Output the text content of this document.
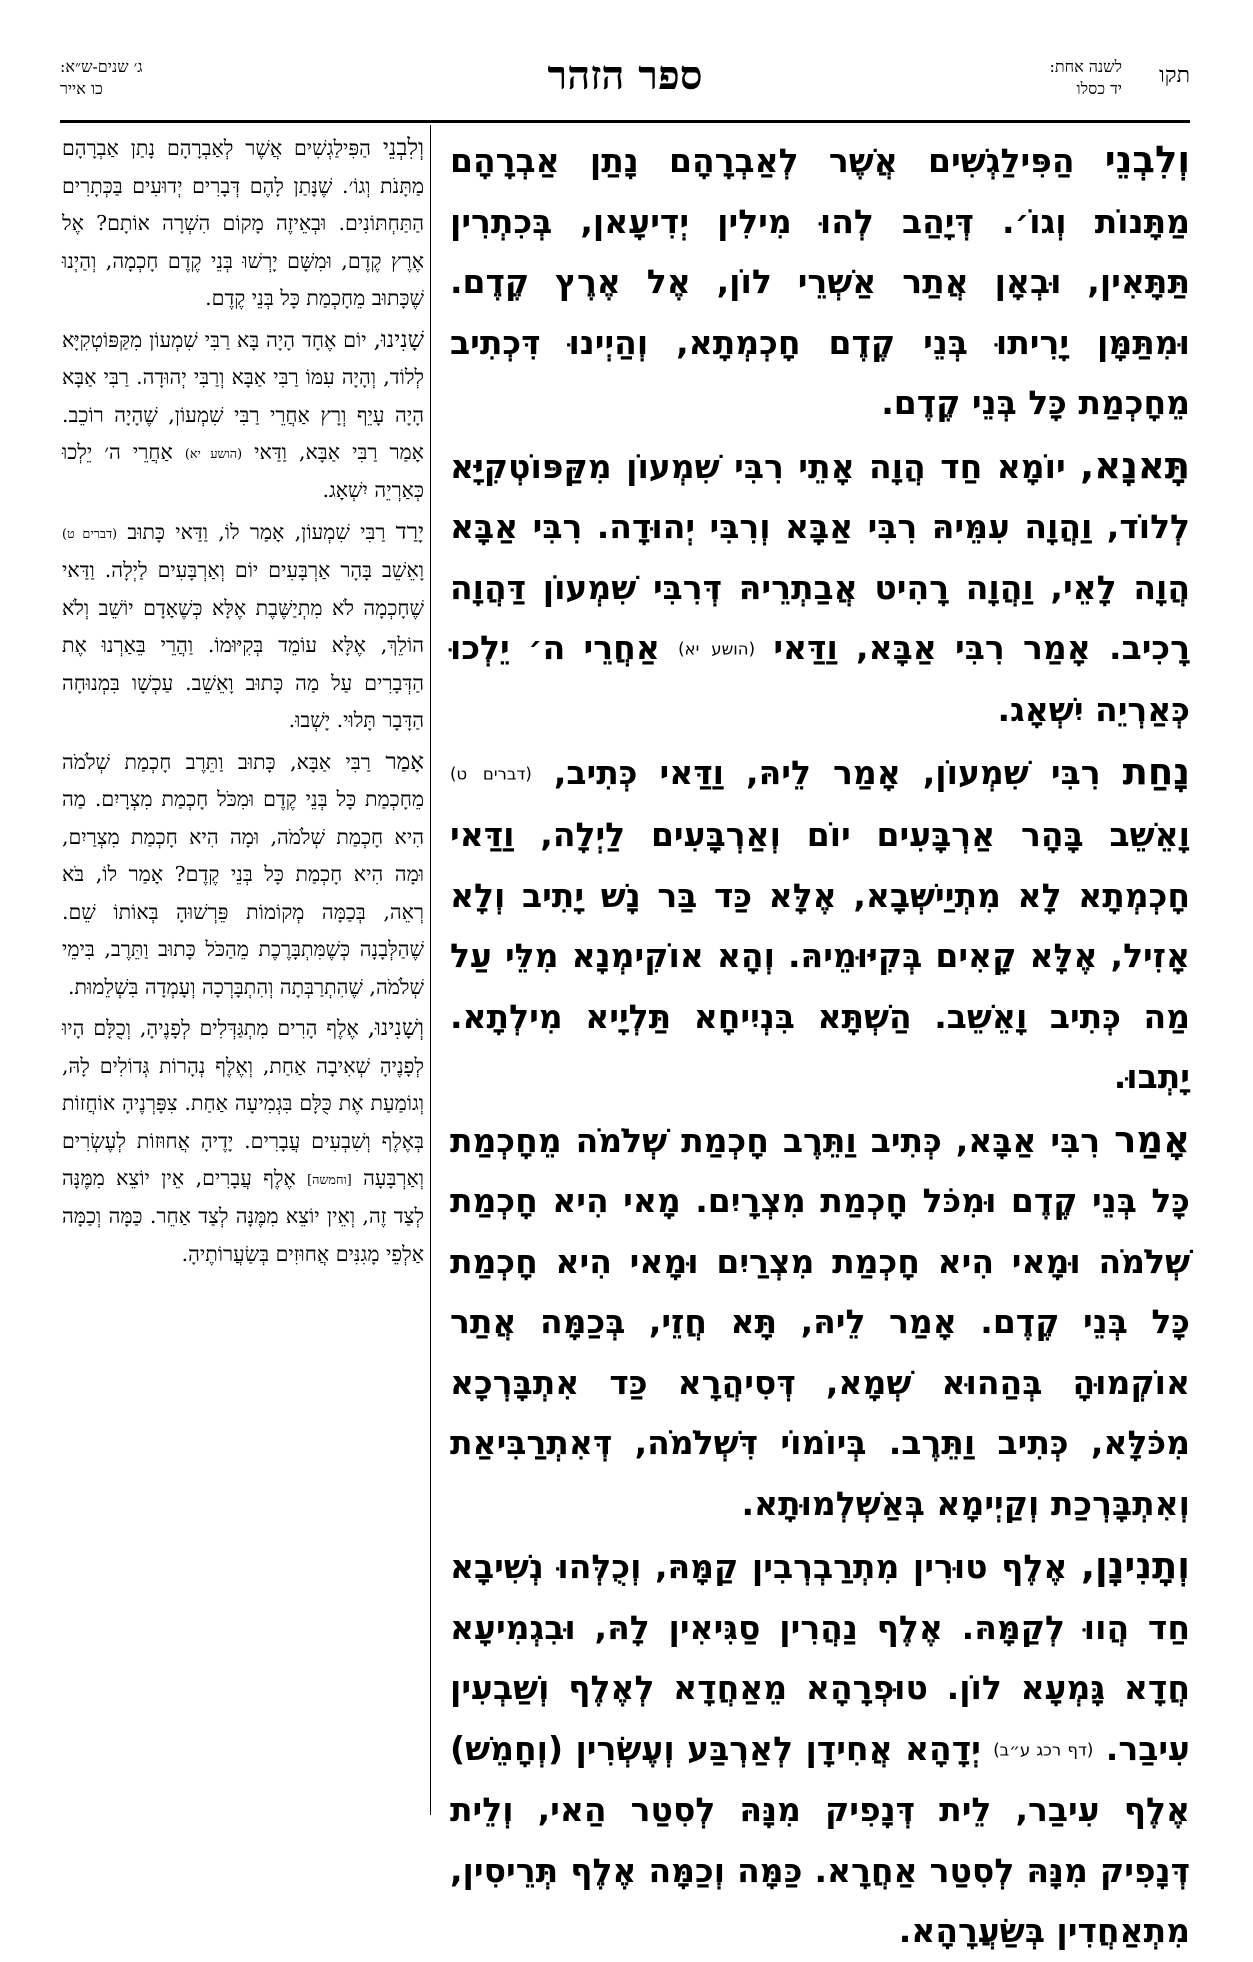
תקו
לשנה אחת:
יד כסלו
ספר הזהר
ג׳ שנים-ש״א:
כו אייר

וְלִבְנֵי הַפִּילַגְשִׁים אֲשֶׁר לְאַבְרָהָם נָתַן אַבְרָהָם מַתָּנוֹת וְגוֹ׳. דְּיָהַב לְהוּ מִילִין יְדִיעָאן, בְּכִתְרִין תַּתָּאִין, וּבְאָן אֲתַר אַשְׁרֵי לוֹן, אֶל אֶרֶץ קֶדֶם. וּמִתַּמָּן יָרִיתוּ בְּנֵי קֶדֶם חָכְמְתָא, וְהַיְינוּ דִּכְתִיב מֵחָכְמַת כָּל בְּנֵי קֶדֶם.

תָּאנָא, יוֹמָא חַד הֲוָה אָתֵי רִבִּי שִׁמְעוֹן מִקַּפּוֹטְקִיָּא לְלוֹד, וַהֲוָה עִמֵּיהּ רִבִּי אַבָּא וְרִבִּי יְהוּדָה. רִבִּי אַבָּא הֲוָה לָאֵי, וַהֲוָה רָהִיט אֲבַתְרֵיהּ דְּרִבִּי שִׁמְעוֹן דַּהֲוָה רָכִיב. אָמַר רִבִּי אַבָּא, וַדַּאי (הושע יא) אַחֲרֵי ה׳ יֵלְכוּ כְּאַרְיֵה יִשְׁאָג.

נָחַת רִבִּי שִׁמְעוֹן, אָמַר לֵיהּ, וַדַּאי כְּתִיב, (דברים ט) וָאֵשֵׁב בָּהָר אַרְבָּעִים יוֹם וְאַרְבָּעִים לַיְלָה, וַדַּאי חָכְמְתָא לָא מִתְיַישְּׁבָא, אֶלָּא כַּד בַּר נָשׁ יָתִיב וְלָא אָזִיל, אֶלָּא קָאִים בְּקִיּוּמֵיהּ. וְהָא אוֹקִימְנָא מִלֵּי עַל מַה כְּתִיב וָאֵשֵׁב. הַשְׁתָּא בִּנְיִיחָא תַּלְיָיא מִילְתָא. יָתְבוּ.

אָמַר רִבִּי אַבָּא, כְּתִיב וַתֵּרֶב חָכְמַת שְׁלֹמֹה מֵחָכְמַת כָּל בְּנֵי קֶדֶם וּמִכֹּל חָכְמַת מִצְרָיִם. מָאי הִיא חָכְמַת שְׁלֹמֹה וּמָאי הִיא חָכְמַת מִצְרַיִם וּמָאי הִיא חָכְמַת כָּל בְּנֵי קֶדֶם. אָמַר לֵיהּ, תָּא חֲזֵי, בְּכַמָּה אֲתַר אוֹקְמוּהָ בְּהַהוּא שְׁמָא, דְּסִיהֲרָא כַּד אִתְבָּרְכָא מִכֹּלָּא, כְּתִיב וַתֵּרֶב. בְּיוֹמוֹי דִּשְׁלֹמֹה, דְּאִתְרַבִּיאַת וְאִתְבָּרְכַת וְקַיְימָא בְּאַשְׁלְמוּתָא.

וְתָנִינָן, אֶלֶף טוּרִין מִתְרַבְרְבִין קַמָּהּ, וְכֻלְּהוּ נְשִׁיבָא חַד הֲווּ לְקַמָּהּ. אֶלֶף נַהֲרִין סַגִּיאִין לָהּ, וּבִגְמִיעָא חֲדָא גָּמְעָא לוֹן. טוּפְרָהָא מֵאַחֲדָא לְאֶלֶף וְשַׁבְעִין עִיבַר. (דף רכג ע״ב) יְדָהָא אֲחִידָן לְאַרְבַּע וְעֶשְׂרִין (וְחָמֵשׁ) אֶלֶף עִיבַר, לֵית דְּנָפִיק מִנָּהּ לְסִטַר הַאי, וְלֵית דְּנָפִיק מִנָּהּ לְסִטַר אַחֲרָא. כַּמָּה וְכַמָּה אֶלֶף תְּרֵיסִין, מִתְאַחֲדִין בְּשַׂעֲרָהָא.

וְלִבְנֵי הַפִּילַגְשִׁים אֲשֶׁר לְאַבְרָהָם נָתַן אַבְרָהָם מַתָּנֹת וְגוֹ׳. שֶׁנָּתַן לָהֶם דְּבָרִים יְדוּעִים בַּכְּתָרִים הַתַּחְתּוֹנִים. וּבְאֵיזֶה מָקוֹם הִשְׁרָה אוֹתָם? אֶל אֶרֶץ קֶדֶם, וּמִשָּׁם יָרְשׁוּ בְּנֵי קֶדֶם חָכְמָה, וְהַיְנוּ שֶׁכָּתוּב מֵחָכְמַת כָּל בְּנֵי קֶדֶם.

שָׁנִינוּ, יוֹם אֶחָד הָיָה בָּא רַבִּי שִׁמְעוֹן מִקַּפּוֹטְקִיָּא לְלוֹד, וְהָיָה עִמּוֹ רַבִּי אַבָּא וְרַבִּי יְהוּדָה. רַבִּי אַבָּא הָיָה עָיֵף וְרָץ אַחֲרֵי רַבִּי שִׁמְעוֹן, שֶׁהָיָה רוֹכֵב. אָמַר רַבִּי אַבָּא, וַדַּאי (הושע יא) אַחֲרֵי ה׳ יֵלְכוּ כְּאַרְיֵה יִשְׁאָג.

יָרַד רַבִּי שִׁמְעוֹן, אָמַר לוֹ, וַדַּאי כָּתוּב (דברים ט) וָאֵשֵׁב בָּהָר אַרְבָּעִים יוֹם וְאַרְבָּעִים לַיְלָה. וַדַּאי שֶׁחָכְמָה לֹא מִתְיַשֶּׁבֶת אֶלָּא כְּשֶׁאָדָם יוֹשֵׁב וְלֹא הוֹלֵךְ, אֶלָּא עוֹמֵד בְּקִיּוּמוֹ. וַהֲרֵי בֵּאַרְנוּ אֶת הַדְּבָרִים עַל מַה כָּתוּב וָאֵשֵׁב. עַכְשָׁו בִּמְנוּחָה הַדָּבָר תָּלוּי. יָשְׁבוּ.

אָמַר רַבִּי אַבָּא, כָּתוּב וַתֵּרֶב חָכְמַת שְׁלֹמֹה מֵחָכְמַת כָּל בְּנֵי קֶדֶם וּמִכֹּל חָכְמַת מִצְרָיִם. מַה הִיא חָכְמַת שְׁלֹמֹה, וּמָה הִיא חָכְמַת מִצְרַיִם, וּמָה הִיא חָכְמַת כָּל בְּנֵי קֶדֶם? אָמַר לוֹ, בֹּא רְאֵה, בְּכַמָּה מְקוֹמוֹת פֵּרְשׁוּהָ בְּאוֹתוֹ שֵׁם. שֶׁהַלְּבָנָה כְּשֶׁמִּתְבָּרֶכֶת מֵהַכֹּל כָּתוּב וַתֵּרֶב, בִּימֵי שְׁלֹמֹה, שֶׁהִתְרַבְּתָה וְהִתְבָּרְכָה וְעָמְדָה בִּשְׁלֵמוּת.

וְשָׁנִינוּ, אֶלֶף הָרִים מִתְגַּדְּלִים לְפָנֶיהָ, וְכֻלָּם הָיוּ לְפָנֶיהָ שְׁאִיבָה אַחַת, וְאֶלֶף נְהָרוֹת גְּדוֹלִים לָהּ, וְגוֹמַעַת אֶת כֻּלָּם בִּגְמִיעָה אַחַת. צִפָּרְנֶיהָ אוֹחֲזוֹת בְּאֶלֶף וְשִׁבְעִים עֲבָרִים. יָדֶיהָ אֲחוּזוֹת לְעֶשְׂרִים וְאַרְבָּעָה [וחמשה] אֶלֶף עֲבָרִים, אֵין יוֹצֵא מִמֶּנָּה לְצַד זֶה, וְאֵין יוֹצֵא מִמֶּנָּה לְצַד אַחֵר. כַּמָּה וְכַמָּה אַלְפֵי מָגִנִּים אֲחוּזִים בְּשַׂעֲרוֹתֶיהָ.
